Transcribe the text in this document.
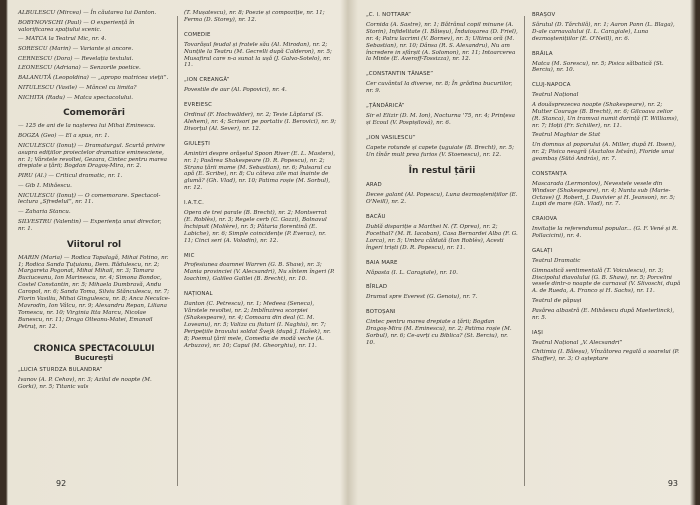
ALBULESCU (Mircea) — În căutarea lui Danton.

BOBYNOVSCHI (Paul) — O experiență în valorificarea spațiului scenic.

— MATCA la Teatrul Mic, nr. 4.

SORESCU (Marin) — Variante și ancore.

CERNESCU (Dora) — Revelația textului.

LEONESCU (Adriana) — Senzorile poetice.

BALANUTĂ (Leopoldina) — „apropo matricea vieții”.

NITULESCU (Vasile) — Mâncel cu limita?

NICHITA (Radu) — Matca spectacolului.

Comemorări

— 125 de ani de la nașterea lui Mihai Eminescu.

BOGZA (Geo) — El a spus, nr. 1.

NICULESCU (Ionuț) — Dramaturgul. Scurtă privire asupra edițiilor proiectelor dramatice eminesciene, nr. 1; Vârstele revoltei, Gezara, Cintec pentru marea drepiate a țării; Bogdan Dragoș-Mira, nr. 2.

PIRU (Al.) — Criticul dramatic, nr. 1.

— Gib I. Mihăescu.

NICULESCU (Ionuț) — O comemorare. Spectacol-lectura „Sfredelul”, nr. 11.

— Zaharia Stancu.

SILVESTRU (Valentin) — Experiența unui director, nr. 1.

Viitorul rol

MARIN (Maria) — Rodica Tapalagă, Mihai Fotino, nr. 1; Rodica Sanda Țuțuianu, Dem. Rădulescu, nr. 2; Margareta Pogonat, Mihai Mihail, nr. 3; Tamara Buciuceanu, Ion Marinescu, nr. 4; Simona Bondoc, Costel Constantin, nr. 5; Mihaela Dumbravă, Andu Caropol, nr. 6; Sanda Toma, Silviu Stănculescu, nr. 7; Florin Vasiliu, Mihai Gingulescu, nr. 8; Anca Neculce-Mavrodin, Ion Vâlcu, nr. 9; Alexandru Repan, Liliana Tomescu, nr. 10; Virginia Itta Marcu, Nicolae Bunescu, nr. 11; Draga Olteanu-Matei, Emanoil Petruț, nr. 12.

CRONICA SPECTACOLULUI
București
„LUCIA STURDZA BULANDRA”

Ivanov (A. P. Cehov), nr. 3; Azilul de noapte (M. Gorki), nr. 5; Titanic vals

(T. Mușatescu), nr. 8; Poezie și compoziție, nr. 11; Ferma (D. Storey), nr. 12.

COMEDIE

Tovarășul feudal și fratele său (Al. Mirodan), nr. 2; Nunțile la Teatru (M. Gecrelli după Calderon), nr. 5; Musafirul care n-a sunat la ușă (J. Galvo-Sotelo), nr. 11.

„ION CREANGĂ”

Povestile de aur (Al. Popovici), nr. 4.

EVREIESC

Ordinul (F. Hochwälder), nr. 2; Tevie Lăptarul (S. Alehem), nr. 4; Scrisori pe portativ (I. Berovici), nr. 9; Divorțul (Al. Sever), nr. 12.

GIULEȘTI

Amintiri despre orășelul Spoon River (E. L. Masters), nr. 1; Pasărea Shakespeare (D. R. Popescu), nr. 2; Strana țării mame (M. Sebastian), nr. 6; Pulsarul cu apă (E. Scribe), nr. 8; Cu câteva zile mai înainte de glumă? (Gh. Vlad), nr. 10; Patima roșie (M. Sorbul), nr. 12.

I.A.T.C.

Opera de trei parale (B. Brecht), nr. 2; Montserrat (E. Roblès), nr. 3; Regele cerb (C. Gozzi), Bolnavul închipuit (Molière), nr. 5; Pătaria florentină (E. Labiche), nr. 6; Simple coincidențe (P. Everac), nr. 11; Cinci seri (A. Volodin), nr. 12.

MIC

Profesiunea doamnei Warren (G. B. Shaw), nr. 3; Mania provinciei (V. Alecsandri), Nu sîntem îngeri (P. Ioachim), Galileo Galilei (B. Brecht), nr. 10.

NAȚIONAL

Danton (C. Petrescu), nr. 1; Medeea (Seneca), Vărstele revoltei, nr. 2; Imblînzirea scorpiei (Shakespeare), nr. 4; Comoara din deal (C. M. Loveanu), nr. 5; Valiza cu fluturi (I. Naghiu), nr. 7; Peripețiile bravului soldat Švejk (după J. Hašek), nr. 8; Poemul țării mele, Comedia de modă veche (A. Arbuzov), nr. 10; Capul (M. Gheorghiu), nr. 11.

92
„C. I. NOTTARA”

Cornida (A. Sastre), nr. 1; Bătrânul copil minune (A. Storin), Infidelitate (I. Băieșu), Înduioșarea (D. Friel), nr. 4; Patru lacrimi (V. Bornev), nr. 5; Ultima oră (M. Sebastian), nr. 10; Dânsa (R. S. Alexandru), Nu am încredere in sfârșit (A. Solomon), nr. 11; Intoarcerea la Minte (E. Averoff-Tossizza), nr. 12.

„CONSTANTIN TĂNASE”

Cer cuvântul la diverse, nr. 8; În grădina bucuriilor, nr. 9.

„ȚĂNDĂRICĂ”

Sir el Elizir (D. M. Ion), Nocturna '75, nr. 4; Prințesa și Ecoul (V. Pospișilová), nr. 6.

„ION VASILESCU”

Capete rotunde și capete țuguiate (B. Brecht), nr. 5; Un tînăr mult prea furios (V. Stoenescu), nr. 12.

În restul țării
ARAD

Decee galant (Al. Popescu), Luna dezmoștenițiilor (E. O'Neill), nr. 2.

BACĂU

Dublă dispariție a Marthei N. (T. Oprea), nr. 2; Focethal? (M. R. Iacoban), Casa Bernardei Alba (F. G. Lorca), nr. 5; Umbra căldată (Ion Roblès), Acesti îngeri triști (D. R. Popescu), nr. 11.

BAIA MARE

Năpasta (I. L. Caragiale), nr. 10.

BÎRLAD

Drumul spre Everest (G. Genoiu), nr. 7.

BOTOȘANI

Cintec pentru marea drepiate a țării; Bogdan Dragoș-Mira (M. Eminescu), nr. 2; Patima roșie (M. Sorbul), nr. 6; Ce-avrți cu Biblica? (St. Berciu), nr. 10.

BRAȘOV

Sărutul (D. Tărchilă), nr. 1; Aaron Pann (L. Blaga), D-ale carnavalului (I. L. Caragiale), Luna dezmoștenițiilor (E. O'Neill), nr. 6.

BRĂILA

Matca (M. Sorescu), nr. 5; Pisica sălbatică (St. Berciu), nr. 10.

CLUJ-NAPOCA

Teatrul Național

A douăsprezecea noapte (Shakespeare), nr. 2; Mutter Courage (B. Brecht), nr. 6; Gilcoava zelior (R. Stanca), Un tramvai numit dorință (T. Williams), nr. 7; Hoții (Fr. Schiller), nr. 11.

Teatrul Maghiar de Stat

Un domnus al poporului (A. Miller, după H. Ibsen), nr. 2; Pisica neagră (Asztalos István), Floride unui geambaș (Sütó András), nr. 7.

CONSTANȚA

Mascarada (Lermontov), Nevestele vesele din Windsor (Shakespeare), nr. 4; Nunta sub (Marie-Octave) (J. Robert, J. Duvivier și H. Jeanson), nr. 5; Lupii de mare (Gh. Vlad), nr. 7.

CRAIOVA

Invitație la referendumul popular... (G. F. Vené și R. Pollacicini), nr. 4.

GALAȚI

Teatrul Dramatic

Gimnastică sentimentală (T. Voiculescu), nr. 3; Discipolul diavolului (G. B. Shaw), nr. 5; Porcelini vesele dintr-o noapte de carnaval (V. Slivoschi, după A. de Rueda, A. Franco și H. Sachs), nr. 11.

Teatrul de păpuși

Pasărea albastră (E. Mihăescu după Maeterlinck), nr. 5.

IAȘI

Teatrul Național „V. Alecsandri”

Chitimia (I. Băieșu), Vînzătorea regală a soarelui (P. Shaffer), nr. 3; O așteptare

93
